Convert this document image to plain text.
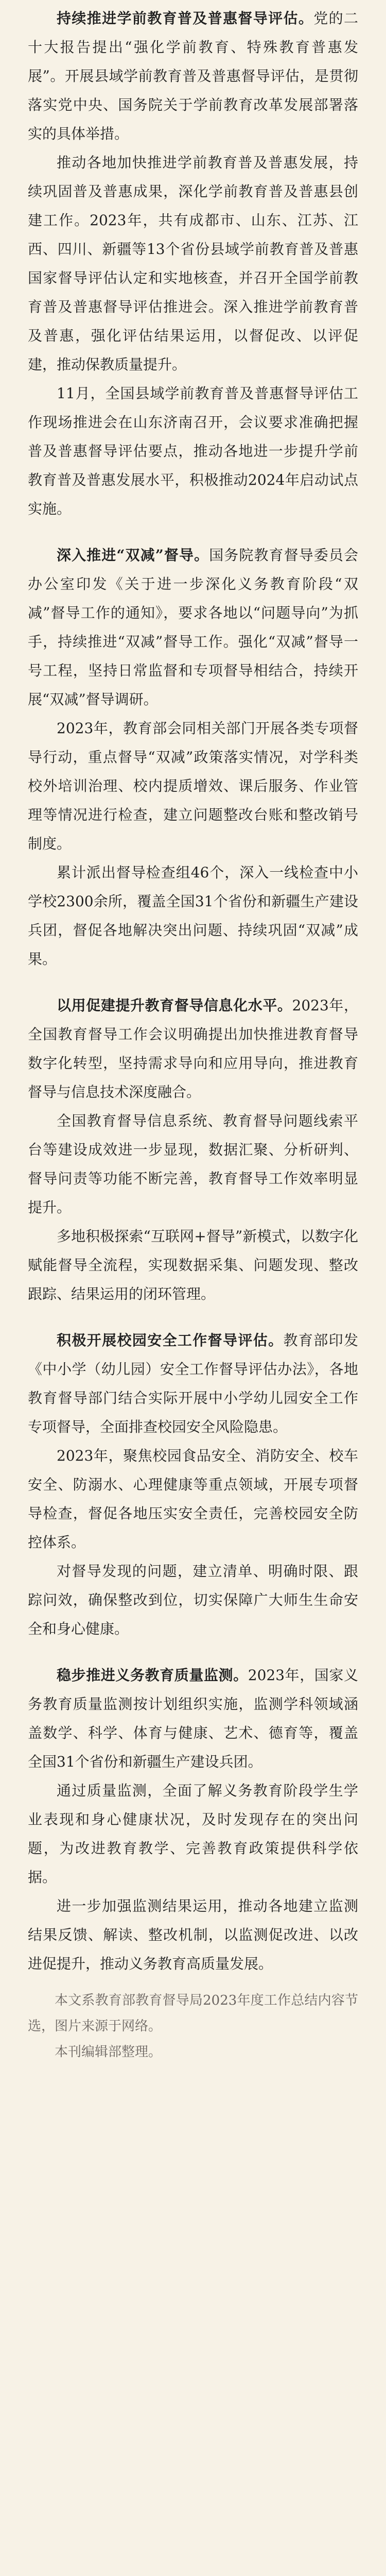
持续推进学前教育普及普惠督导评估。党的二十大报告提出“强化学前教育、特殊教育普惠发展”。开展县域学前教育普及普惠督导评估，是贯彻落实党中央、国务院关于学前教育改革发展部署落实的具体举措。

推动各地加快推进学前教育普及普惠发展，持续巩固普及普惠成果，深化学前教育普及普惠县创建工作。2023年，共有成都市、山东、江苏、江西、四川、新疆等13个省份县域学前教育普及普惠国家督导评估认定和实地核查，并召开全国学前教育普及普惠督导评估推进会。深入推进学前教育普及普惠，强化评估结果运用，以督促改、以评促建，推动保教质量提升。

11月，全国县域学前教育普及普惠督导评估工作现场推进会在山东济南召开，会议要求准确把握普及普惠督导评估要点，推动各地进一步提升学前教育普及普惠发展水平，积极推动2024年启动试点实施。

深入推进“双减”督导。国务院教育督导委员会办公室印发《关于进一步深化义务教育阶段“双减”督导工作的通知》，要求各地以“问题导向”为抓手，持续推进“双减”督导工作。强化“双减”督导一号工程，坚持日常监督和专项督导相结合，持续开展“双减”督导调研。

2023年，教育部会同相关部门开展各类专项督导行动，重点督导“双减”政策落实情况，对学科类校外培训治理、校内提质增效、课后服务、作业管理等情况进行检查，建立问题整改台账和整改销号制度。

累计派出督导检查组46个，深入一线检查中小学校2300余所，覆盖全国31个省份和新疆生产建设兵团，督促各地解决突出问题、持续巩固“双减”成果。

以用促建提升教育督导信息化水平。2023年，全国教育督导工作会议明确提出加快推进教育督导数字化转型，坚持需求导向和应用导向，推进教育督导与信息技术深度融合。

全国教育督导信息系统、教育督导问题线索平台等建设成效进一步显现，数据汇聚、分析研判、督导问责等功能不断完善，教育督导工作效率明显提升。

多地积极探索“互联网+督导”新模式，以数字化赋能督导全流程，实现数据采集、问题发现、整改跟踪、结果运用的闭环管理。

积极开展校园安全工作督导评估。教育部印发《中小学（幼儿园）安全工作督导评估办法》，各地教育督导部门结合实际开展中小学幼儿园安全工作专项督导，全面排查校园安全风险隐患。

2023年，聚焦校园食品安全、消防安全、校车安全、防溺水、心理健康等重点领域，开展专项督导检查，督促各地压实安全责任，完善校园安全防控体系。

对督导发现的问题，建立清单、明确时限、跟踪问效，确保整改到位，切实保障广大师生生命安全和身心健康。

稳步推进义务教育质量监测。2023年，国家义务教育质量监测按计划组织实施，监测学科领域涵盖数学、科学、体育与健康、艺术、德育等，覆盖全国31个省份和新疆生产建设兵团。

通过质量监测，全面了解义务教育阶段学生学业表现和身心健康状况，及时发现存在的突出问题，为改进教育教学、完善教育政策提供科学依据。

进一步加强监测结果运用，推动各地建立监测结果反馈、解读、整改机制，以监测促改进、以改进促提升，推动义务教育高质量发展。

本文系教育部教育督导局2023年度工作总结内容节选，图片来源于网络。

本刊编辑部整理。
